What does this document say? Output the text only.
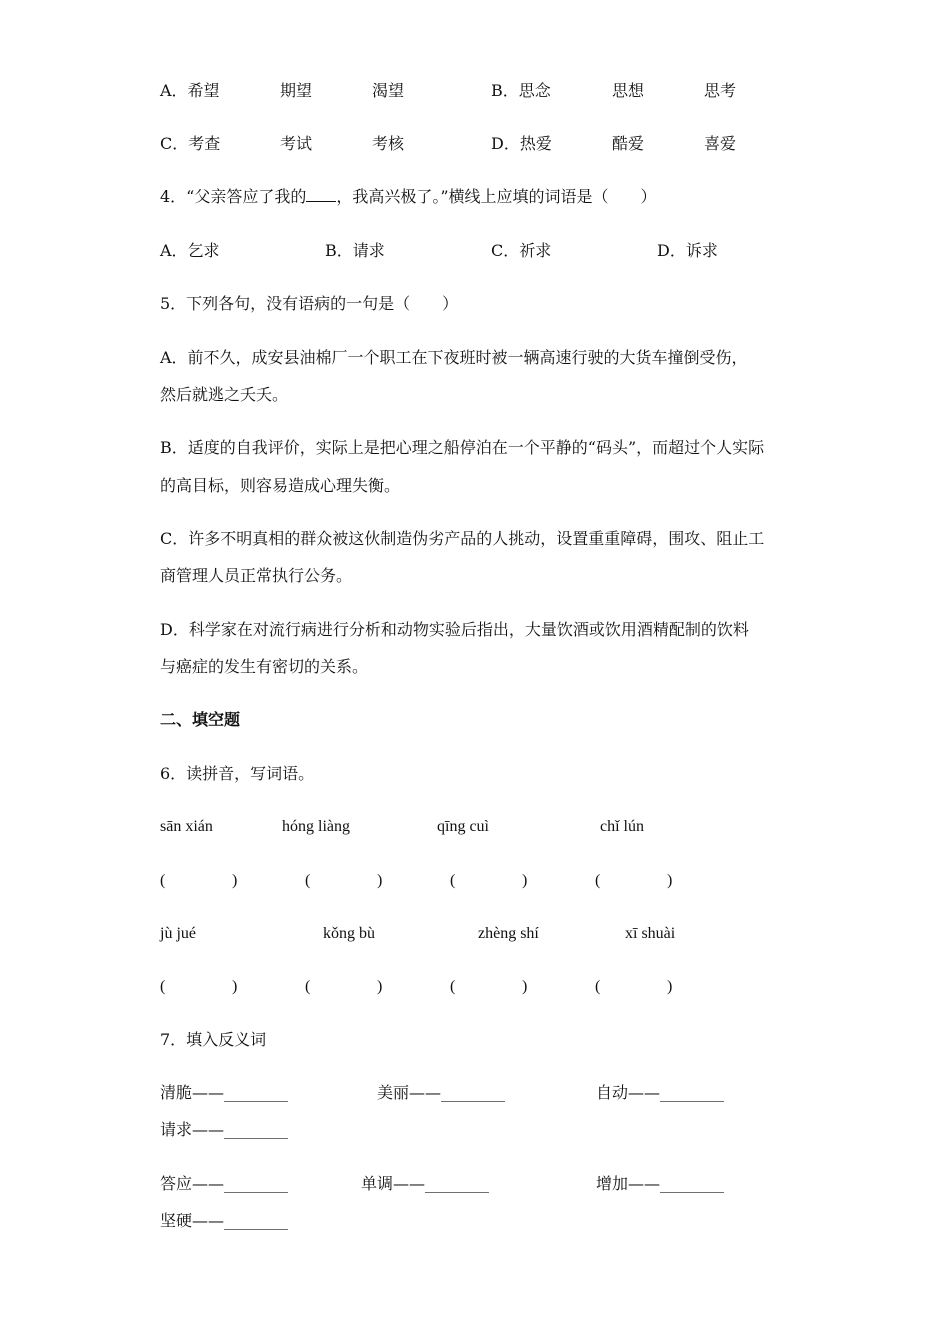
A．希望	期望	渴望	B．思念	思想	思考
C．考查	考试	考核	D．热爱	酷爱	喜爱
4．“父亲答应了我的 ，我高兴极了。”横线上应填的词语是（　　）
A．乞求	B．请求	C．祈求	D．诉求
5．下列各句，没有语病的一句是（　　）
A．前不久，成安县油棉厂一个职工在下夜班时被一辆高速行驶的大货车撞倒受伤，
然后就逃之夭夭。
B．适度的自我评价，实际上是把心理之船停泊在一个平静的“码头”，而超过个人实际
的高目标，则容易造成心理失衡。
C．许多不明真相的群众被这伙制造伪劣产品的人挑动，设置重重障碍，围攻、阻止工
商管理人员正常执行公务。
D．科学家在对流行病进行分析和动物实验后指出，大量饮酒或饮用酒精配制的饮料
与癌症的发生有密切的关系。
二、填空题
6．读拼音，写词语。
sān xián	hóng liàng	qīng cuì	chǐ lún
(	)	(	)	(	)	(	)
jù jué	kǒng bù	zhèng shí	xī shuài
(	)	(	)	(	)	(	)
7．填入反义词
清脆——________	美丽——________	自动——________
请求——________
答应——________	单调——________	增加——________
坚硬——________
